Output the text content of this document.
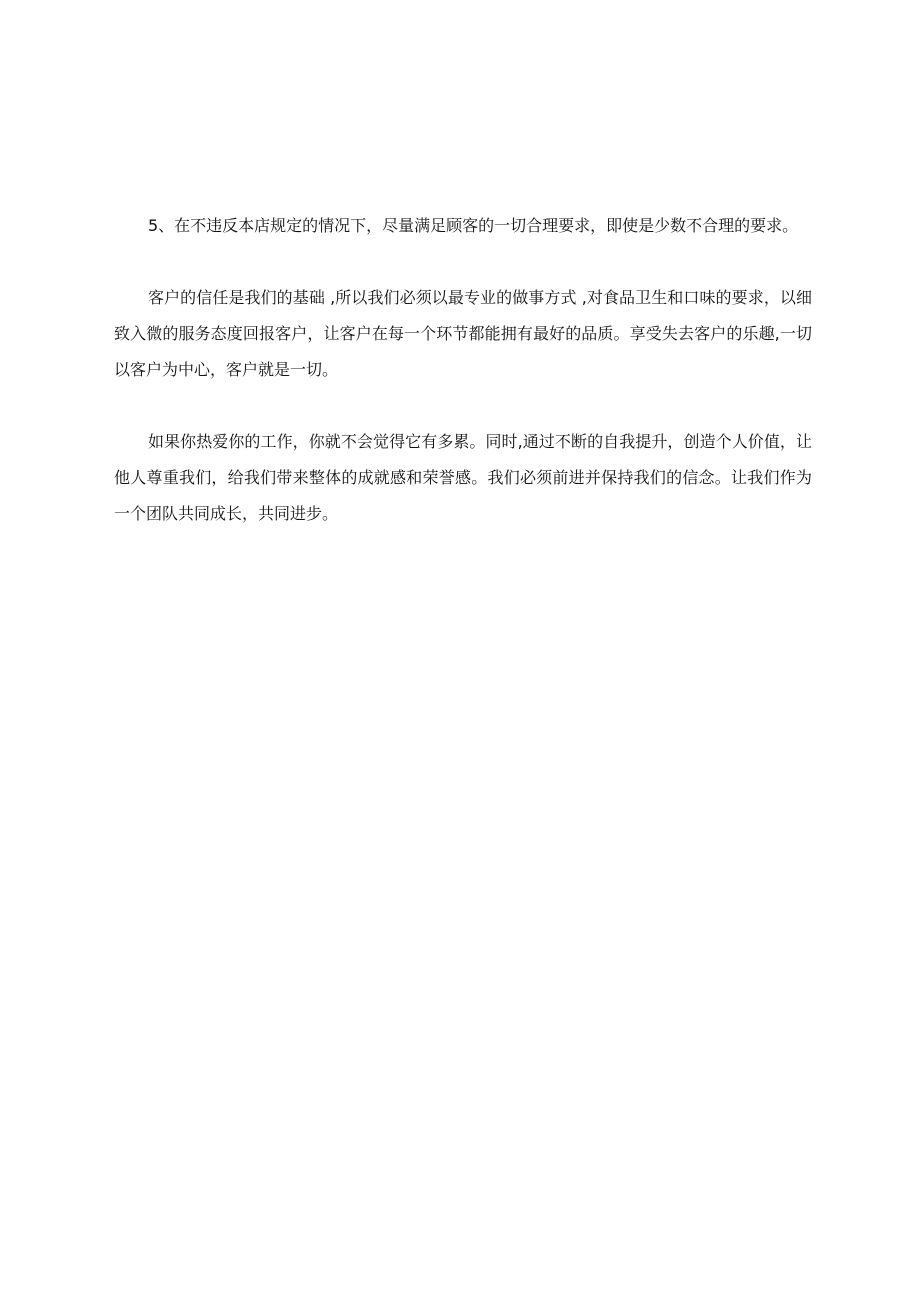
5、在不违反本店规定的情况下，尽量满足顾客的一切合理要求，即使是少数不合理的要求。

客户的信任是我们的基础 ,所以我们必须以最专业的做事方式 ,对食品卫生和口味的要求，以细致入微的服务态度回报客户，让客户在每一个环节都能拥有最好的品质。享受失去客户的乐趣,一切以客户为中心，客户就是一切。

如果你热爱你的工作，你就不会觉得它有多累。同时,通过不断的自我提升，创造个人价值，让他人尊重我们，给我们带来整体的成就感和荣誉感。我们必须前进并保持我们的信念。让我们作为一个团队共同成长，共同进步。
